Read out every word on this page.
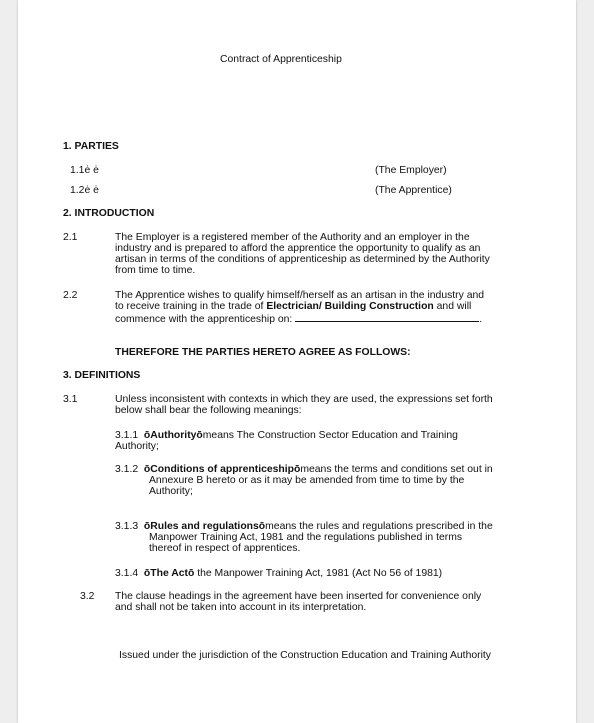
Contract of Apprenticeship
1. PARTIES
1.1ė ė	(The Employer)
1.2ė ė	(The Apprentice)
2. INTRODUCTION
2.1	The Employer is a registered member of the Authority and an employer in the
industry and is prepared to afford the apprentice the opportunity to qualify as an
artisan in terms of the conditions of apprenticeship as determined by the Authority
from time to time.
2.2	The Apprentice wishes to qualify himself/herself as an artisan in the industry and
to receive training in the trade of Electrician/ Building Construction and will
commence with the apprenticeship on:	.
THEREFORE THE PARTIES HERETO AGREE AS FOLLOWS:
3. DEFINITIONS
3.1	Unless inconsistent with contexts in which they are used, the expressions set forth
below shall bear the following meanings:
3.1.1 ōAuthorityōmeans The Construction Sector Education and Training
Authority;
3.1.2 ōConditions of apprenticeshipōmeans the terms and conditions set out in
Annexure B hereto or as it may be amended from time to time by the
Authority;
3.1.3 ōRules and regulationsōmeans the rules and regulations prescribed in the
Manpower Training Act, 1981 and the regulations published in terms
thereof in respect of apprentices.
3.1.4 ōThe Actō the Manpower Training Act, 1981 (Act No 56 of 1981)
3.2 The clause headings in the agreement have been inserted for convenience only
and shall not be taken into account in its interpretation.
Issued under the jurisdiction of the Construction Education and Training Authority
